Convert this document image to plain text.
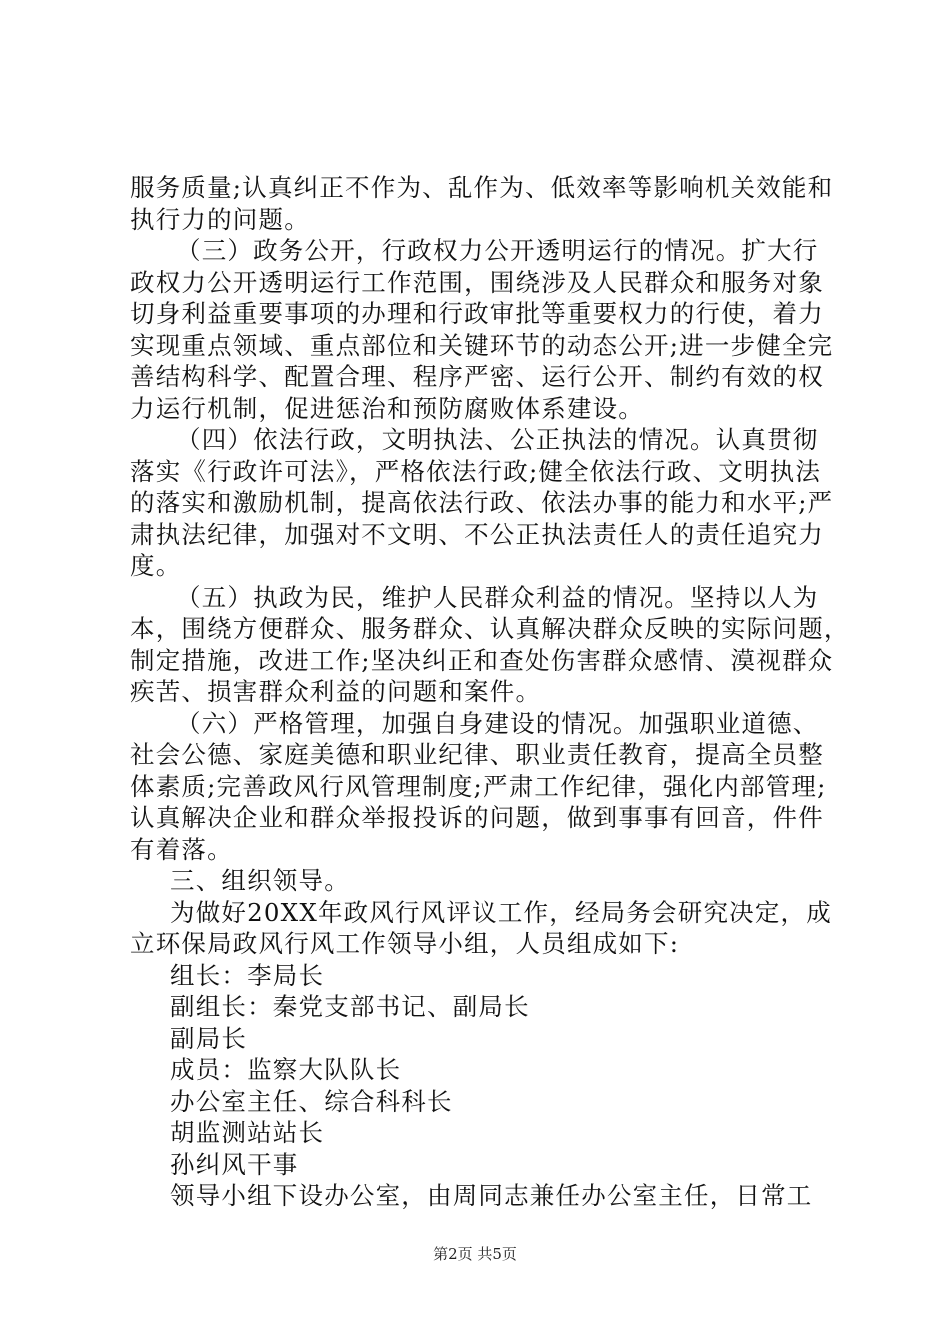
服务质量;认真纠正不作为、乱作为、低效率等影响机关效能和
执行力的问题。
（三）政务公开，行政权力公开透明运行的情况。扩大行
政权力公开透明运行工作范围，围绕涉及人民群众和服务对象
切身利益重要事项的办理和行政审批等重要权力的行使，着力
实现重点领域、重点部位和关键环节的动态公开;进一步健全完
善结构科学、配置合理、程序严密、运行公开、制约有效的权
力运行机制，促进惩治和预防腐败体系建设。
（四）依法行政，文明执法、公正执法的情况。认真贯彻
落实《行政许可法》，严格依法行政;健全依法行政、文明执法
的落实和激励机制，提高依法行政、依法办事的能力和水平;严
肃执法纪律，加强对不文明、不公正执法责任人的责任追究力
度。
（五）执政为民，维护人民群众利益的情况。坚持以人为
本，围绕方便群众、服务群众、认真解决群众反映的实际问题，
制定措施，改进工作;坚决纠正和查处伤害群众感情、漠视群众
疾苦、损害群众利益的问题和案件。
（六）严格管理，加强自身建设的情况。加强职业道德、
社会公德、家庭美德和职业纪律、职业责任教育，提高全员整
体素质;完善政风行风管理制度;严肃工作纪律，强化内部管理;
认真解决企业和群众举报投诉的问题，做到事事有回音，件件
有着落。
三、组织领导。
为做好20XX年政风行风评议工作，经局务会研究决定，成
立环保局政风行风工作领导小组，人员组成如下:
组长：李局长
副组长：秦党支部书记、副局长
副局长
成员：监察大队队长
办公室主任、综合科科长
胡监测站站长
孙纠风干事
领导小组下设办公室，由周同志兼任办公室主任，日常工
第2页 共5页
